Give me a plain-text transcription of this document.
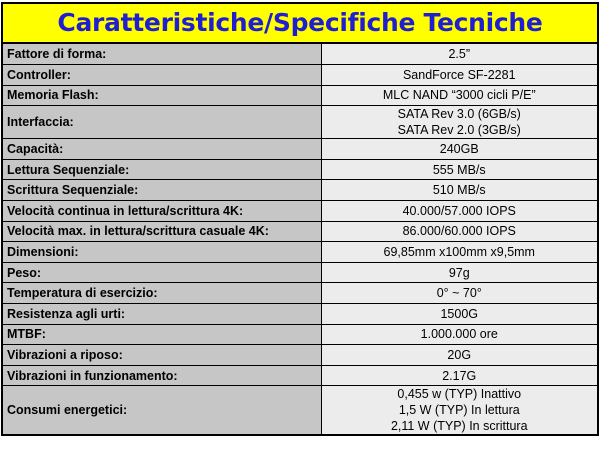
Caratteristiche/Specifiche Tecniche
Fattore di forma:	2.5”

Controller:	SandForce SF-2281

Memoria Flash:	MLC NAND “3000 cicli P/E”

Interfaccia:	SATA Rev 3.0 (6GB/s)
SATA Rev 2.0 (3GB/s)

Capacità:	240GB

Lettura Sequenziale:	555 MB/s

Scrittura Sequenziale:	510 MB/s

Velocità continua in lettura/scrittura 4K:	40.000/57.000 IOPS

Velocità max. in lettura/scrittura casuale 4K:	86.000/60.000 IOPS

Dimensioni:	69,85mm x100mm x9,5mm

Peso:	97g

Temperatura di esercizio:	0° ~ 70°

Resistenza agli urti:	1500G

MTBF:	1.000.000 ore

Vibrazioni a riposo:	20G

Vibrazioni in funzionamento:	2.17G

Consumi energetici:	0,455 w (TYP) Inattivo
1,5 W (TYP) In lettura
2,11 W (TYP) In scrittura
